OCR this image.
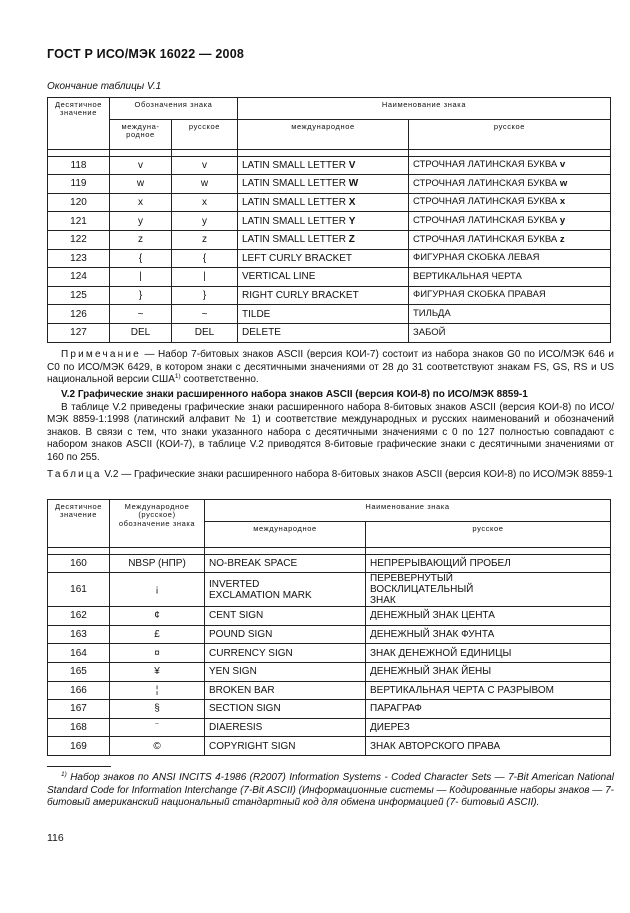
ГОСТ Р ИСО/МЭК 16022 — 2008
Окончание таблицы V.1
Десятичное значение	Обозначения знака		Наименование знака	
	междуна-родное	русское	международное	русское

118	v	v	LATIN SMALL LETTER V	СТРОЧНАЯ ЛАТИНСКАЯ БУКВА v
119	w	w	LATIN SMALL LETTER W	СТРОЧНАЯ ЛАТИНСКАЯ БУКВА w
120	x	x	LATIN SMALL LETTER X	СТРОЧНАЯ ЛАТИНСКАЯ БУКВА x
121	y	y	LATIN SMALL LETTER Y	СТРОЧНАЯ ЛАТИНСКАЯ БУКВА y
122	z	z	LATIN SMALL LETTER Z	СТРОЧНАЯ ЛАТИНСКАЯ БУКВА z
123	{	{	LEFT CURLY BRACKET	ФИГУРНАЯ СКОБКА ЛЕВАЯ
124	|	|	VERTICAL LINE	ВЕРТИКАЛЬНАЯ ЧЕРТА
125	}	}	RIGHT CURLY BRACKET	ФИГУРНАЯ СКОБКА ПРАВАЯ
126	~	~	TILDE	ТИЛЬДА
127	DEL	DEL	DELETE	ЗАБОЙ
Примечание — Набор 7-битовых знаков ASCII (версия КОИ-7) состоит из набора знаков G0 по ИСО/МЭК 646 и C0 по ИСО/МЭК 6429, в котором знаки с десятичными значениями от 28 до 31 соответствуют знакам FS, GS, RS и US национальной версии США$^{1)}$ соответственно.
V.2 Графические знаки расширенного набора знаков ASCII (версия КОИ-8) по ИСО/МЭК 8859-1
В таблице V.2 приведены графические знаки расширенного набора 8-битовых знаков ASCII (версия КОИ-8) по ИСО/МЭК 8859-1:1998 (латинский алфавит № 1) и соответствие международных и русских наименований и обозначений знаков. В связи с тем, что знаки указанного набора с десятичными значениями с 0 по 127 полностью совпадают с набором знаков ASCII (КОИ-7), в таблице V.2 приводятся 8-битовые графические знаки с десятичными значениями от 160 по 255.
Таблица V.2 — Графические знаки расширенного набора 8-битовых знаков ASCII (версия КОИ-8) по ИСО/МЭК 8859-1
Десятичное значение	Международное (русское) обозначение знака	Наименование знака	
		международное	русское

160	NBSP (НПР)	NO-BREAK SPACE	НЕПРЕРЫВАЮЩИЙ ПРОБЕЛ
161	¡	INVERTED EXCLAMATION MARK	ПЕРЕВЕРНУТЫЙ ВОСКЛИЦАТЕЛЬНЫЙ ЗНАК
162	¢	CENT SIGN	ДЕНЕЖНЫЙ ЗНАК ЦЕНТА
163	£	POUND SIGN	ДЕНЕЖНЫЙ ЗНАК ФУНТА
164	¤	CURRENCY SIGN	ЗНАК ДЕНЕЖНОЙ ЕДИНИЦЫ
165	¥	YEN SIGN	ДЕНЕЖНЫЙ ЗНАК ЙЕНЫ
166	¦	BROKEN BAR	ВЕРТИКАЛЬНАЯ ЧЕРТА С РАЗРЫВОМ
167	§	SECTION SIGN	ПАРАГРАФ
168	¨	DIAERESIS	ДИЕРЕЗ
169	©	COPYRIGHT SIGN	ЗНАК АВТОРСКОГО ПРАВА
$^{1)}$ Набор знаков по ANSI INCITS 4-1986 (R2007) Information Systems - Coded Character Sets — 7-Bit American National Standard Code for Information Interchange (7-Bit ASCII) (Информационные системы — Кодированные наборы знаков — 7-битовый американский национальный стандартный код для обмена информацией (7- битовый ASCII).
116
